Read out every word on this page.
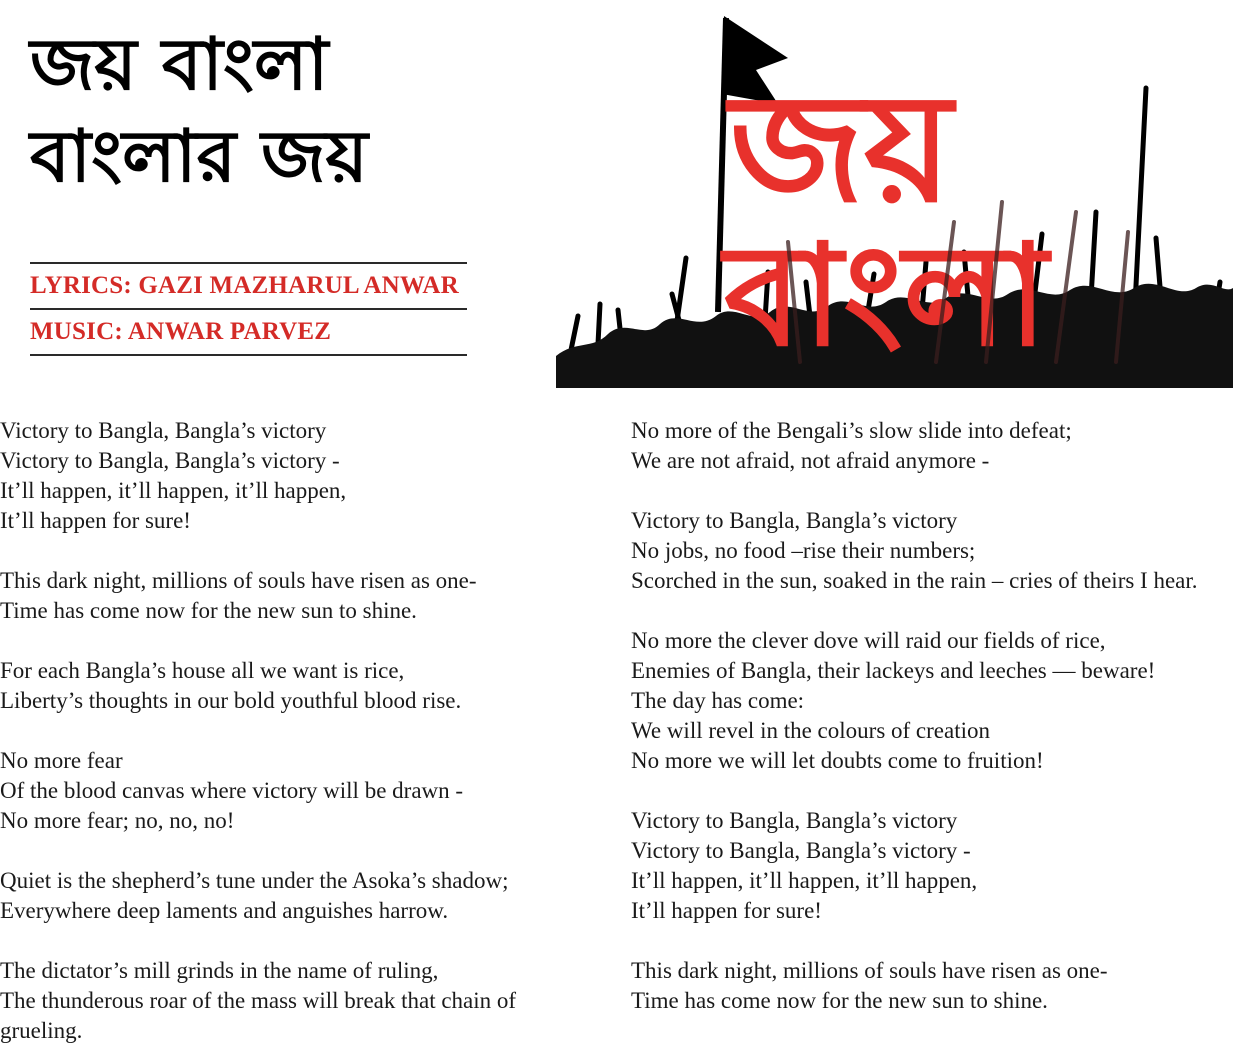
জয় বাংলা
বাংলার জয়
LYRICS: GAZI MAZHARUL ANWAR
MUSIC: ANWAR PARVEZ
জয়
বাংলা

Victory to Bangla, Bangla’s victory
Victory to Bangla, Bangla’s victory -
It’ll happen, it’ll happen, it’ll happen,
It’ll happen for sure!

This dark night, millions of souls have risen as one-
Time has come now for the new sun to shine.

For each Bangla’s house all we want is rice,
Liberty’s thoughts in our bold youthful blood rise.

No more fear
Of the blood canvas where victory will be drawn -
No more fear; no, no, no!

Quiet is the shepherd’s tune under the Asoka’s shadow;
Everywhere deep laments and anguishes harrow.

The dictator’s mill grinds in the name of ruling,
The thunderous roar of the mass will break that chain of grueling.

No more of the Bengali’s slow slide into defeat;
We are not afraid, not afraid anymore -

Victory to Bangla, Bangla’s victory
No jobs, no food –rise their numbers;
Scorched in the sun, soaked in the rain – cries of theirs I hear.

No more the clever dove will raid our fields of rice,
Enemies of Bangla, their lackeys and leeches — beware!
The day has come:
We will revel in the colours of creation
No more we will let doubts come to fruition!

Victory to Bangla, Bangla’s victory
Victory to Bangla, Bangla’s victory -
It’ll happen, it’ll happen, it’ll happen,
It’ll happen for sure!

This dark night, millions of souls have risen as one-
Time has come now for the new sun to shine.
